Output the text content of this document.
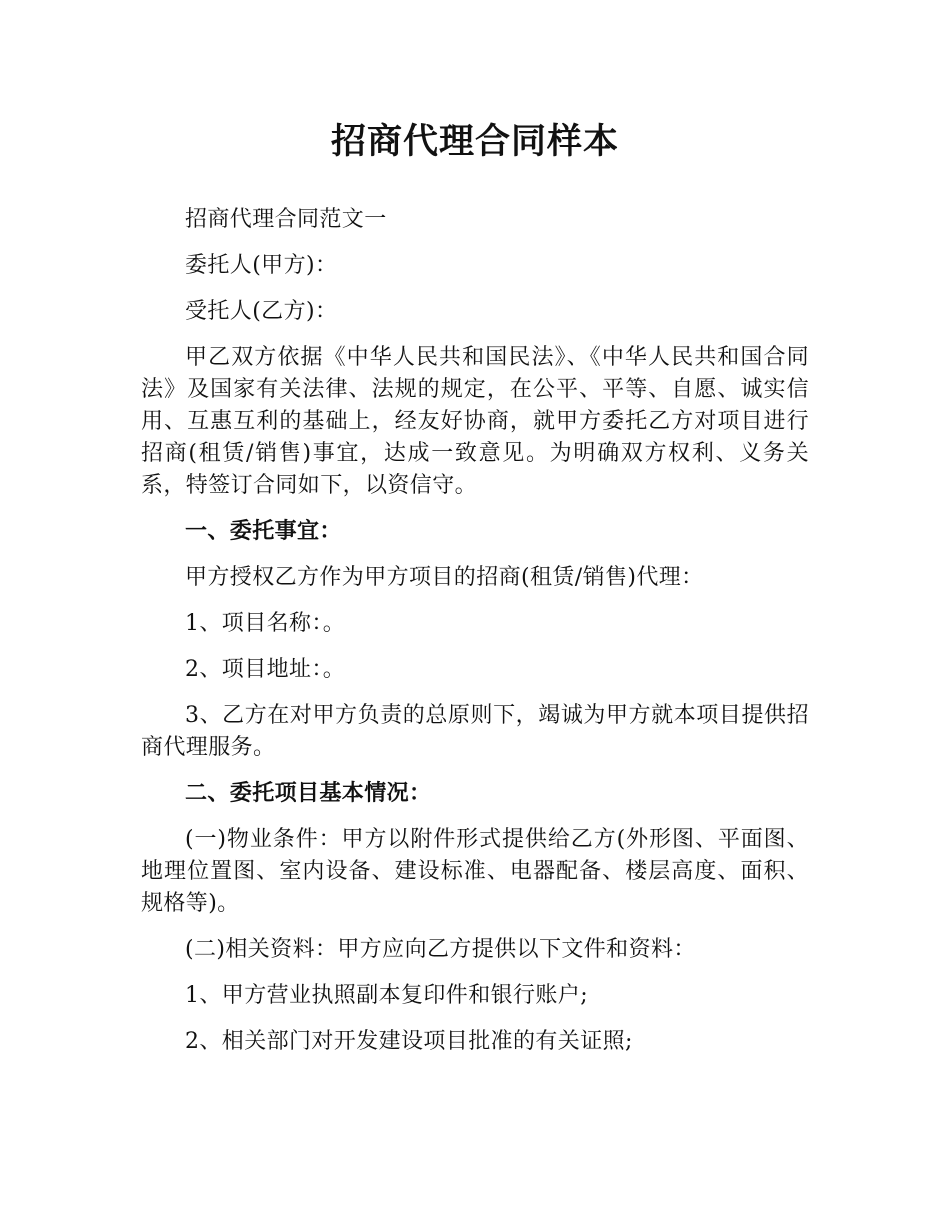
招商代理合同样本

招商代理合同范文一

委托人(甲方)：

受托人(乙方)：

甲乙双方依据《中华人民共和国民法》、《中华人民共和国合同法》及国家有关法律、法规的规定，在公平、平等、自愿、诚实信用、互惠互利的基础上，经友好协商，就甲方委托乙方对项目进行招商(租赁/销售)事宜，达成一致意见。为明确双方权利、义务关系，特签订合同如下，以资信守。

一、委托事宜：

甲方授权乙方作为甲方项目的招商(租赁/销售)代理：

1、项目名称：。

2、项目地址：。

3、乙方在对甲方负责的总原则下，竭诚为甲方就本项目提供招商代理服务。

二、委托项目基本情况：

(一)物业条件：甲方以附件形式提供给乙方(外形图、平面图、地理位置图、室内设备、建设标准、电器配备、楼层高度、面积、规格等)。

(二)相关资料：甲方应向乙方提供以下文件和资料：

1、甲方营业执照副本复印件和银行账户;

2、相关部门对开发建设项目批准的有关证照;
